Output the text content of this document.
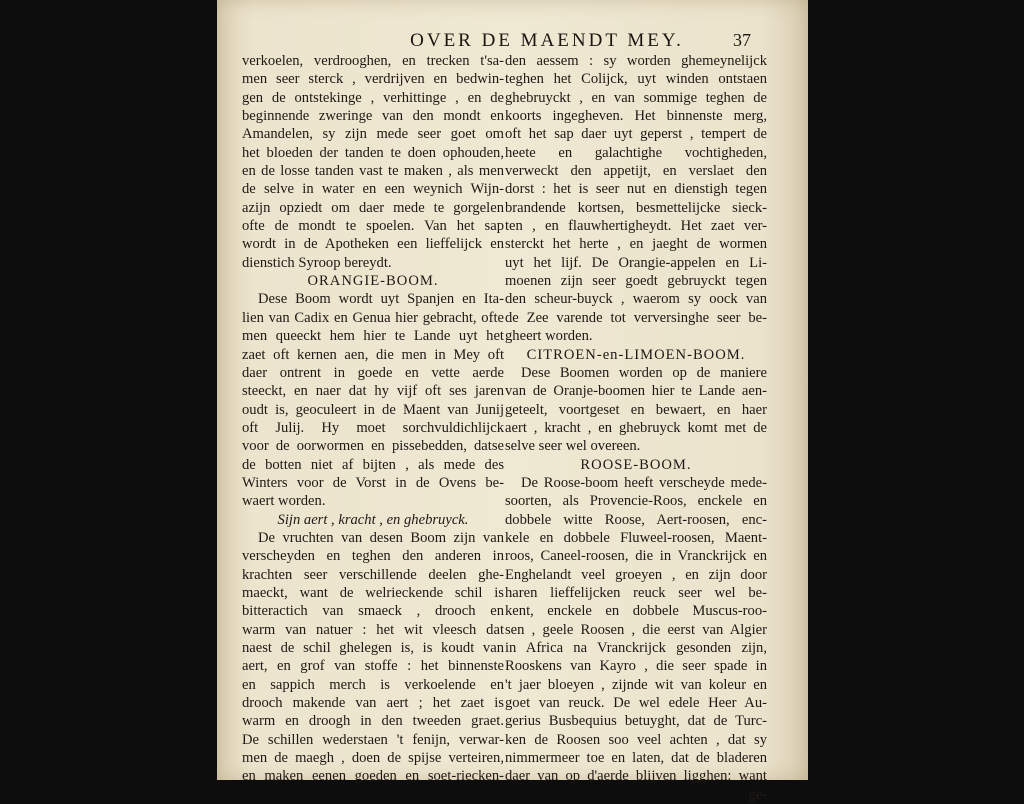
OVER DE MAENDT MEY.	37
verkoelen, verdrooghen, en trecken t'sa-
men seer sterck , verdrijven en bedwin-
gen de ontstekinge , verhittinge , en de
beginnende zweringe van den mondt en
Amandelen, sy zijn mede seer goet om
het bloeden der tanden te doen ophouden,
en de losse tanden vast te maken , als men
de selve in water en een weynich Wijn-
azijn opziedt om daer mede te gorgelen
ofte de mondt te spoelen. Van het sap
wordt in de Apotheken een lieffelijck en
dienstich Syroop bereydt.
ORANGIE-BOOM.
Dese Boom wordt uyt Spanjen en Ita-
lien van Cadix en Genua hier gebracht, ofte
men queeckt hem hier te Lande uyt het
zaet oft kernen aen, die men in Mey oft
daer ontrent in goede en vette aerde
steeckt, en naer dat hy vijf oft ses jaren
oudt is, geoculeert in de Maent van Junij
oft Julij. Hy moet sorchvuldichlijck
voor de oorwormen en pissebedden, datse
de botten niet af bijten , als mede des
Winters voor de Vorst in de Ovens be-
waert worden.
Sijn aert , kracht , en ghebruyck.
De vruchten van desen Boom zijn van
verscheyden en teghen den anderen in
krachten seer verschillende deelen ghe-
maeckt, want de welrieckende schil is
bitteractich van smaeck , drooch en
warm van natuer : het wit vleesch dat
naest de schil ghelegen is, is koudt van
aert, en grof van stoffe : het binnenste
en sappich merch is verkoelende en
drooch makende van aert ; het zaet is
warm en droogh in den tweeden graet.
De schillen wederstaen 't fenijn, verwar-
men de maegh , doen de spijse verteiren,
en maken eenen goeden en soet-riecken-
den aessem : sy worden ghemeynelijck
teghen het Colijck, uyt winden ontstaen
ghebruyckt , en van sommige teghen de
koorts ingegheven. Het binnenste merg,
oft het sap daer uyt geperst , tempert de
heete en galachtighe vochtigheden,
verweckt den appetijt, en verslaet den
dorst : het is seer nut en dienstigh tegen
brandende kortsen, besmettelijcke sieck-
ten , en flauwhertigheydt. Het zaet ver-
sterckt het herte , en jaeght de wormen
uyt het lijf. De Orangie-appelen en Li-
moenen zijn seer goedt gebruyckt tegen
den scheur-buyck , waerom sy oock van
de Zee varende tot verversinghe seer be-
gheert worden.
CITROEN-en-LIMOEN-BOOM.
Dese Boomen worden op de maniere
van de Oranje-boomen hier te Lande aen-
geteelt, voortgeset en bewaert, en haer
aert , kracht , en ghebruyck komt met de
selve seer wel overeen.
ROOSE-BOOM.
De Roose-boom heeft verscheyde mede-
soorten, als Provencie-Roos, enckele en
dobbele witte Roose, Aert-roosen, enc-
kele en dobbele Fluweel-roosen, Maent-
roos, Caneel-roosen, die in Vranckrijck en
Enghelandt veel groeyen , en zijn door
haren lieffelijcken reuck seer wel be-
kent, enckele en dobbele Muscus-roo-
sen , geele Roosen , die eerst van Algier
in Africa na Vranckrijck gesonden zijn,
Rooskens van Kayro , die seer spade in
't jaer bloeyen , zijnde wit van koleur en
goet van reuck. De wel edele Heer Au-
gerius Busbequius betuyght, dat de Turc-
ken de Roosen soo veel achten , dat sy
nimmermeer toe en laten, dat de bladeren
daer van op d'aerde blijven ligghen: want
ge-
